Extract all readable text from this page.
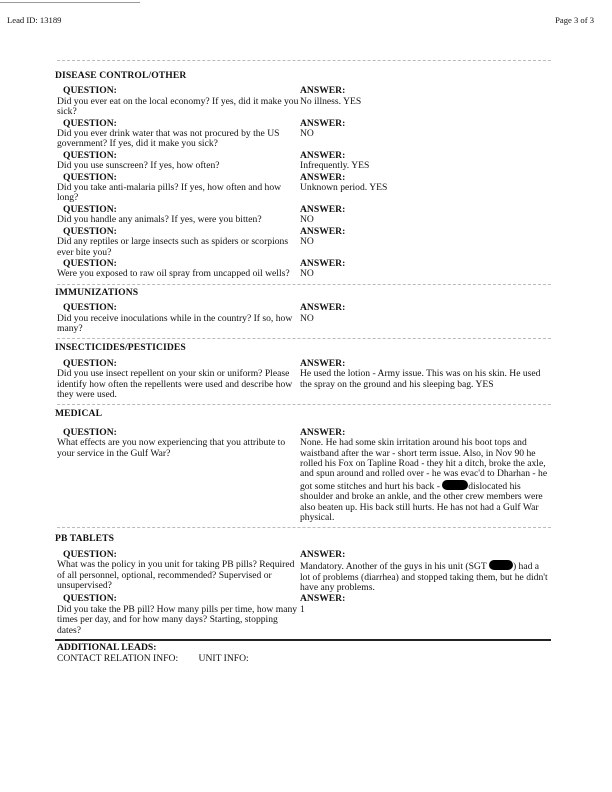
Lead ID: 13189	Page 3 of 3
DISEASE CONTROL/OTHER
QUESTION:
Did you ever eat on the local economy? If yes, did it make you sick?
ANSWER:
No illness. YES
QUESTION:
Did you ever drink water that was not procured by the US government? If yes, did it make you sick?
ANSWER:
NO
QUESTION:
Did you use sunscreen? If yes, how often?
ANSWER:
Infrequently. YES
QUESTION:
Did you take anti-malaria pills? If yes, how often and how long?
ANSWER:
Unknown period. YES
QUESTION:
Did you handle any animals? If yes, were you bitten?
ANSWER:
NO
QUESTION:
Did any reptiles or large insects such as spiders or scorpions ever bite you?
ANSWER:
NO
QUESTION:
Were you exposed to raw oil spray from uncapped oil wells?
ANSWER:
NO
IMMUNIZATIONS
QUESTION:
Did you receive inoculations while in the country? If so, how many?
ANSWER:
NO
INSECTICIDES/PESTICIDES
QUESTION:
Did you use insect repellent on your skin or uniform? Please identify how often the repellents were used and describe how they were used.
ANSWER:
He used the lotion - Army issue. This was on his skin. He used the spray on the ground and his sleeping bag. YES
MEDICAL
QUESTION:
What effects are you now experiencing that you attribute to your service in the Gulf War?
ANSWER:
None. He had some skin irritation around his boot tops and waistband after the war - short term issue. Also, in Nov 90 he rolled his Fox on Tapline Road - they hit a ditch, broke the axle, and spun around and rolled over - he was evac'd to Dharhan - he got some stitches and hurt his back -	dislocated his shoulder and broke an ankle, and the other crew members were also beaten up. His back still hurts. He has not had a Gulf War physical.
PB TABLETS
QUESTION:
What was the policy in you unit for taking PB pills? Required of all personnel, optional, recommended? Supervised or unsupervised?
ANSWER:
Mandatory. Another of the guys in his unit (SGT	) had a lot of problems (diarrhea) and stopped taking them, but he didn't have any problems.
QUESTION:
Did you take the PB pill? How many pills per time, how many times per day, and for how many days? Starting, stopping dates?
ANSWER:
1
ADDITIONAL LEADS:
CONTACT RELATION INFO: UNIT INFO:
